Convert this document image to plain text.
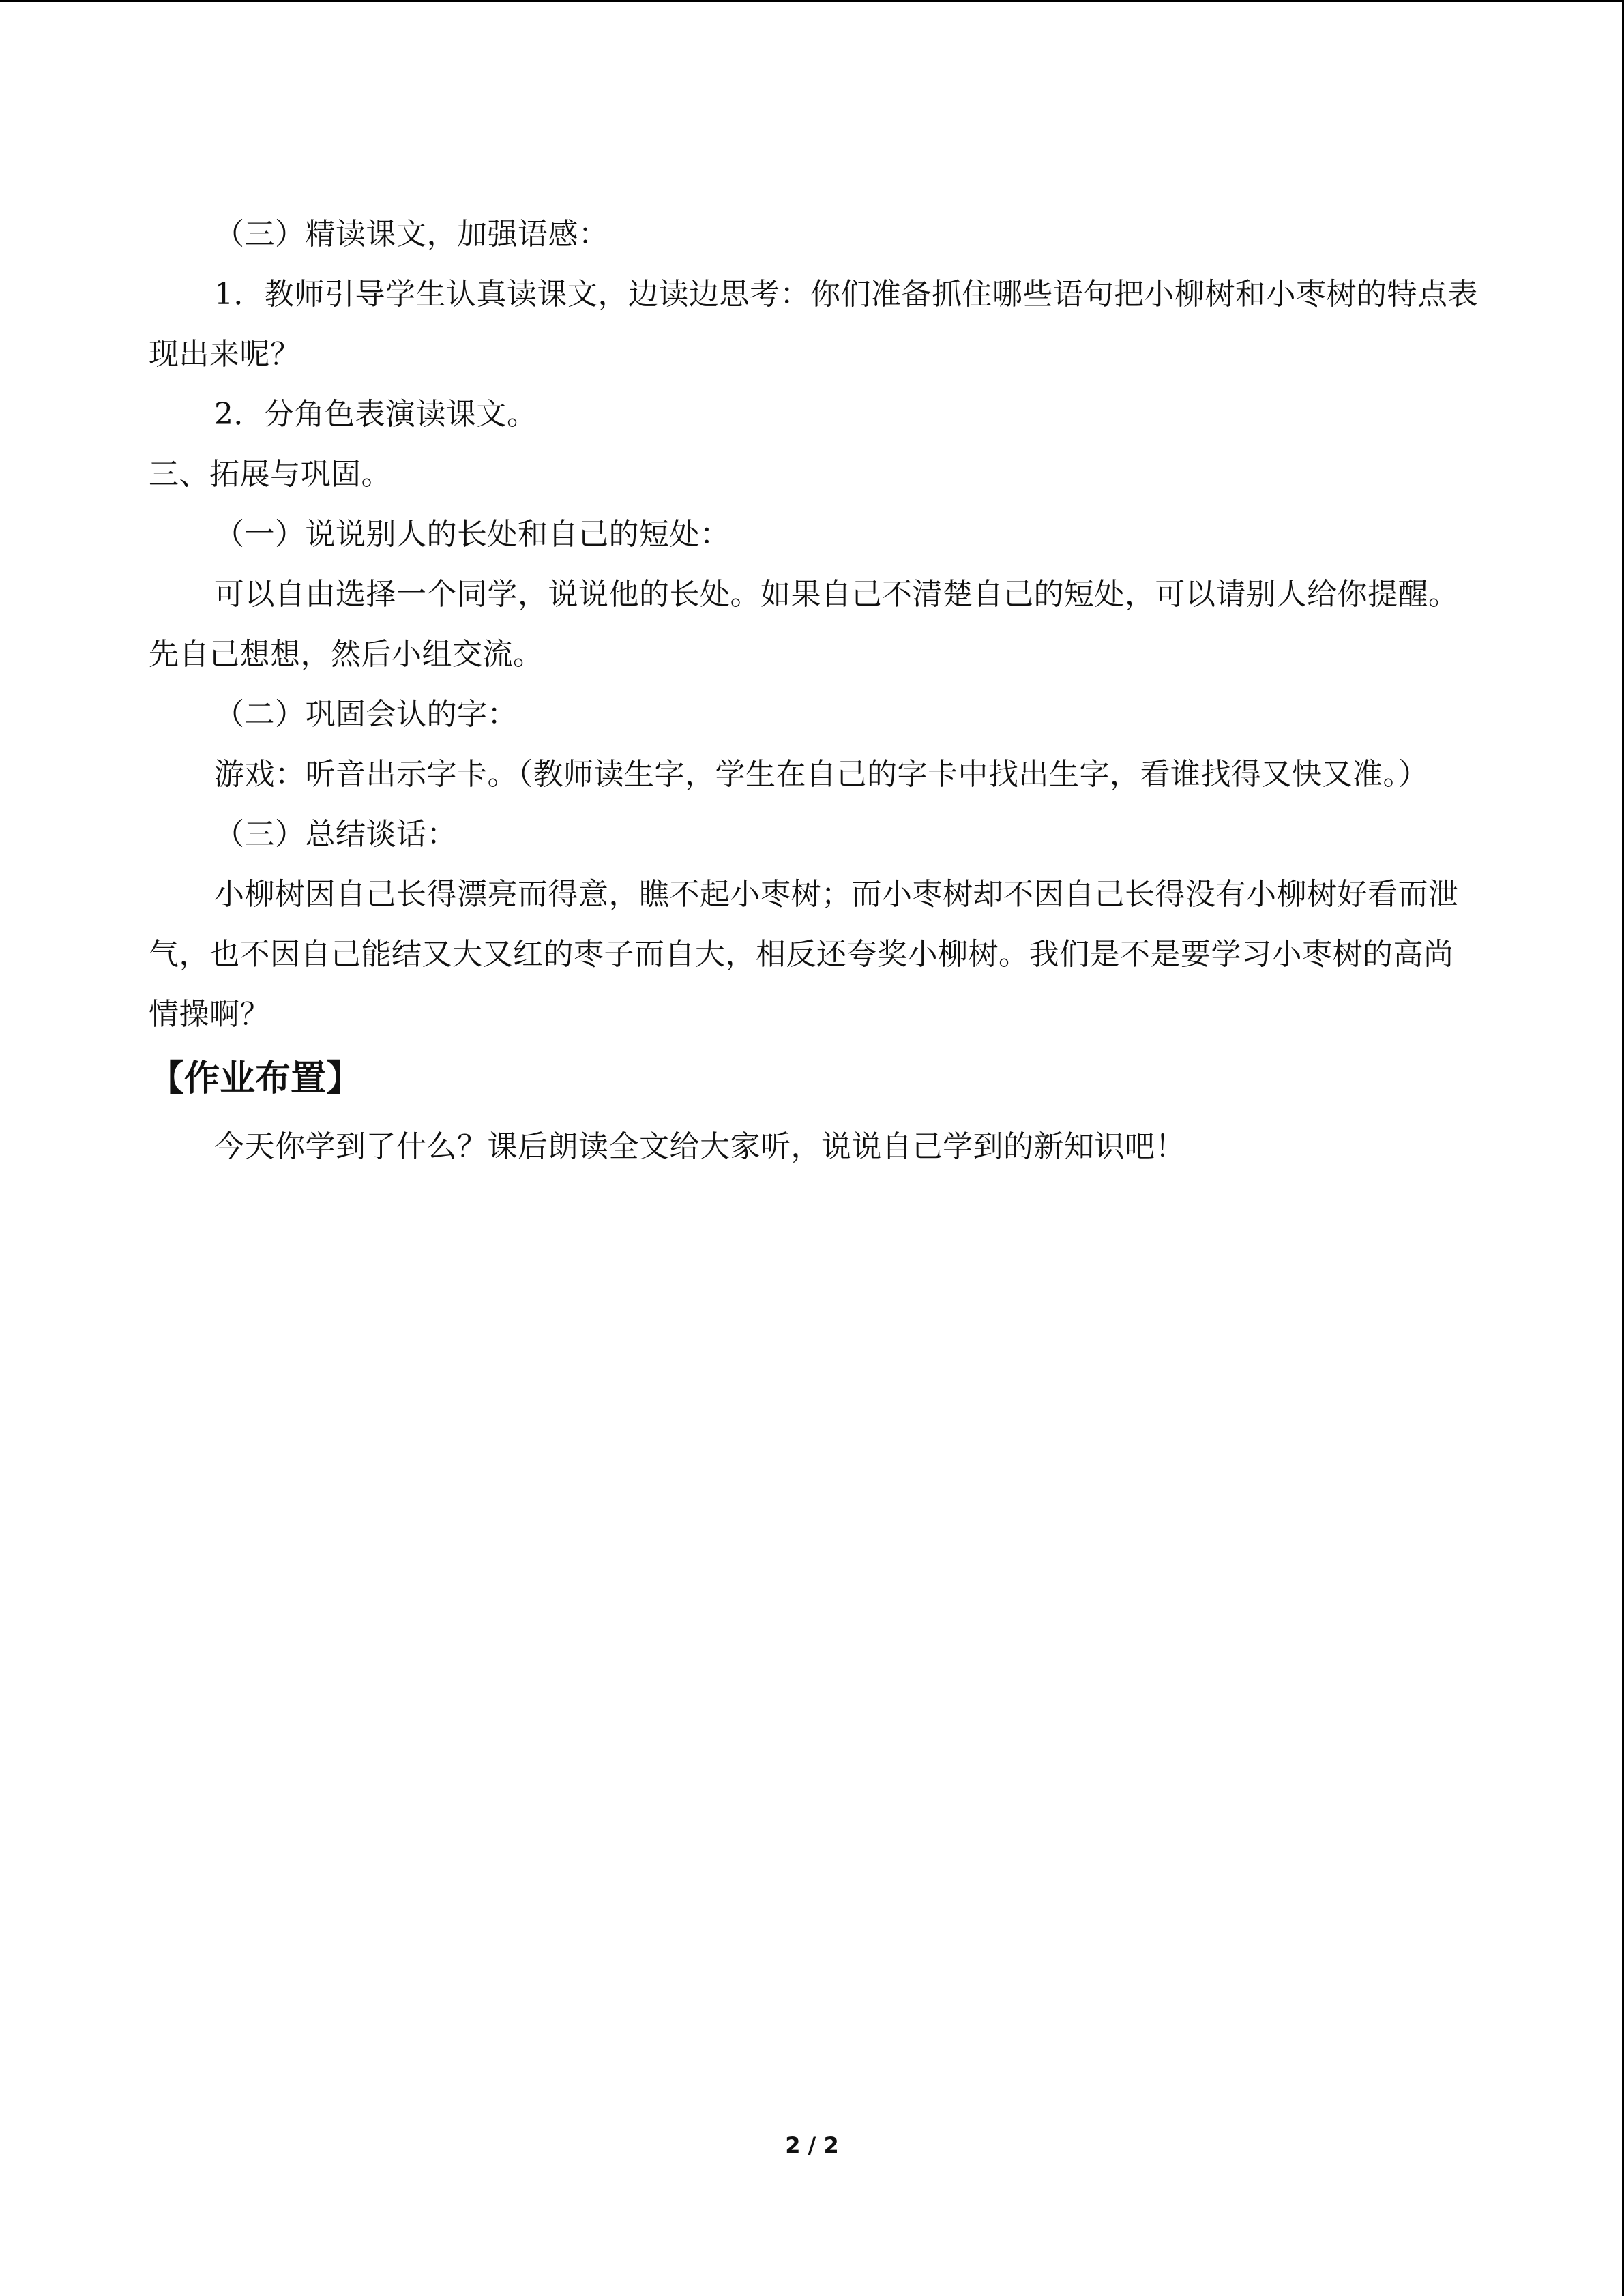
（三）精读课文，加强语感：

1．教师引导学生认真读课文，边读边思考：你们准备抓住哪些语句把小柳树和小枣树的特点表现出来呢？

2．分角色表演读课文。

三、拓展与巩固。

（一）说说别人的长处和自己的短处：

可以自由选择一个同学，说说他的长处。如果自己不清楚自己的短处，可以请别人给你提醒。先自己想想，然后小组交流。

（二）巩固会认的字：

游戏：听音出示字卡。（教师读生字，学生在自己的字卡中找出生字，看谁找得又快又准。）

（三）总结谈话：

小柳树因自己长得漂亮而得意，瞧不起小枣树；而小枣树却不因自己长得没有小柳树好看而泄气，也不因自己能结又大又红的枣子而自大，相反还夸奖小柳树。我们是不是要学习小枣树的高尚情操啊？

【作业布置】

今天你学到了什么？课后朗读全文给大家听，说说自己学到的新知识吧！

2 / 2
